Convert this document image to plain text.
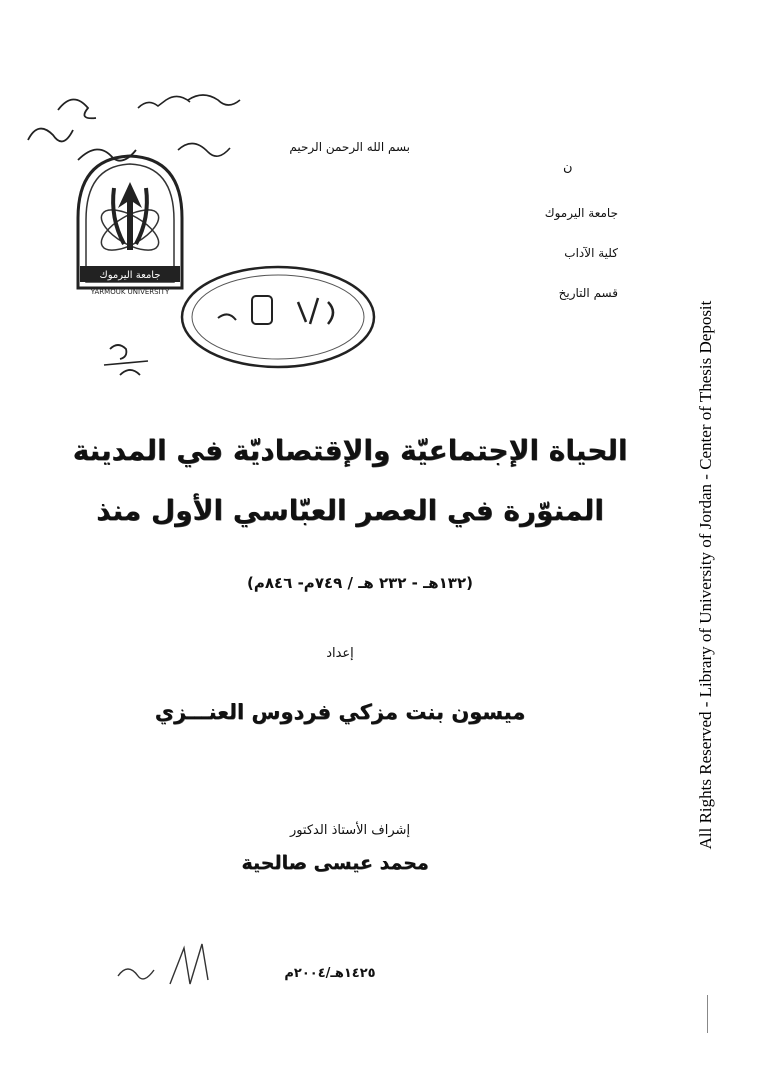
جامعة اليرموك
YARMOUK UNIVERSITY
بسم الله الرحمن الرحيم
ن
جامعة اليرموك
كلية الآداب
قسم التاريخ
الحياة الإجتماعيّة والإقتصاديّة في المدينة
المنوّرة في العصر العبّاسي الأول منذ
(١٣٢هـ - ٢٣٢ هـ / ٧٤٩م- ٨٤٦م)
إعداد
ميسون بنت مزكي فردوس العنـــزي
إشراف الأستاذ الدكتور
محمد عيسى صالحية
١٤٢٥هـ/٢٠٠٤م
All Rights Reserved - Library of University of Jordan - Center of Thesis Deposit
